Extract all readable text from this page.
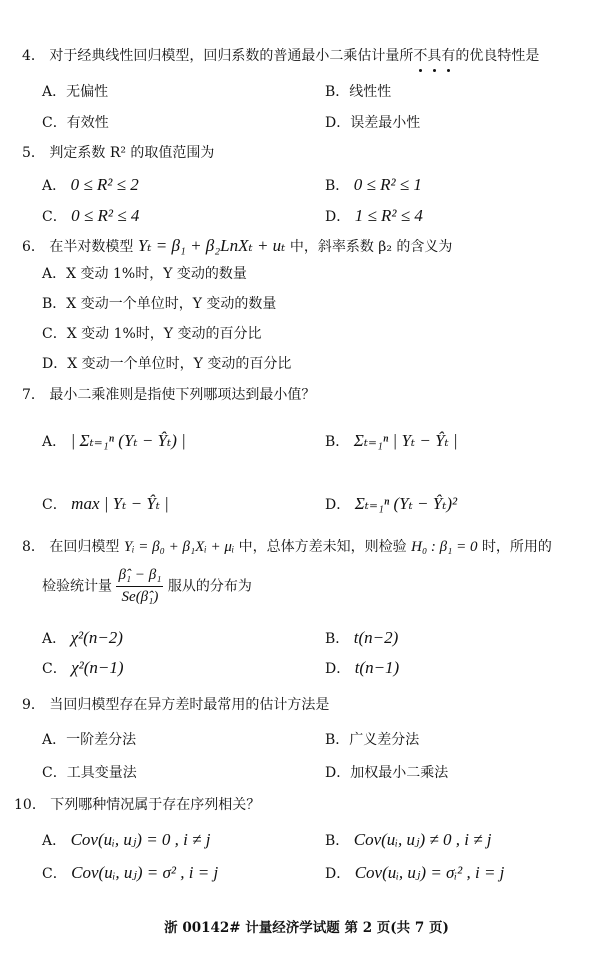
4． 对于经典线性回归模型，回归系数的普通最小二乘估计量所不具有
的优良特性是
A．无偏性	B．线性性
C．有效性	D．误差最小性
5． 判定系数 R² 的取值范围为
A． 0 ≤ R² ≤ 2	B． 0 ≤ R² ≤ 1
C． 0 ≤ R² ≤ 4	D． 1 ≤ R² ≤ 4
6． 在半对数模型 Yₜ = β₁ + β₂LnXₜ + uₜ 中，斜率系数 β₂ 的含义为
A．X 变动 1%时，Y 变动的数量
B．X 变动一个单位时，Y 变动的数量
C．X 变动 1%时，Y 变动的百分比
D．X 变动一个单位时，Y 变动的百分比
7． 最小二乘准则是指使下列哪项达到最小值？
A． | Σₜ₌₁ⁿ (Yₜ − Ŷₜ) |	B． Σₜ₌₁ⁿ | Yₜ − Ŷₜ |
C． max | Yₜ − Ŷₜ |	D． Σₜ₌₁ⁿ (Yₜ − Ŷₜ)²
8． 在回归模型 Yᵢ = β₀ + β₁Xᵢ + μᵢ 中，总体方差未知，则检验 H₀ : β₁ = 0 时，所用的
检验统计量 $\frac{\text{β̂₁ − β₁}}{\text{Se(β̂₁)}}$ 服从的分布为
A． χ²(n−2)	B． t(n−2)
C． χ²(n−1)	D． t(n−1)
9． 当回归模型存在异方差时最常用的估计方法是
A．一阶差分法	B．广义差分法
C．工具变量法	D．加权最小二乘法
10． 下列哪种情况属于存在序列相关？
A． Cov(uᵢ, uⱼ) = 0 , i ≠ j	B． Cov(uᵢ, uⱼ) ≠ 0 , i ≠ j
C． Cov(uᵢ, uⱼ) = σ² , i = j	D． Cov(uᵢ, uⱼ) = σᵢ² , i = j
浙 00142# 计量经济学试题 第 2 页(共 7 页)
